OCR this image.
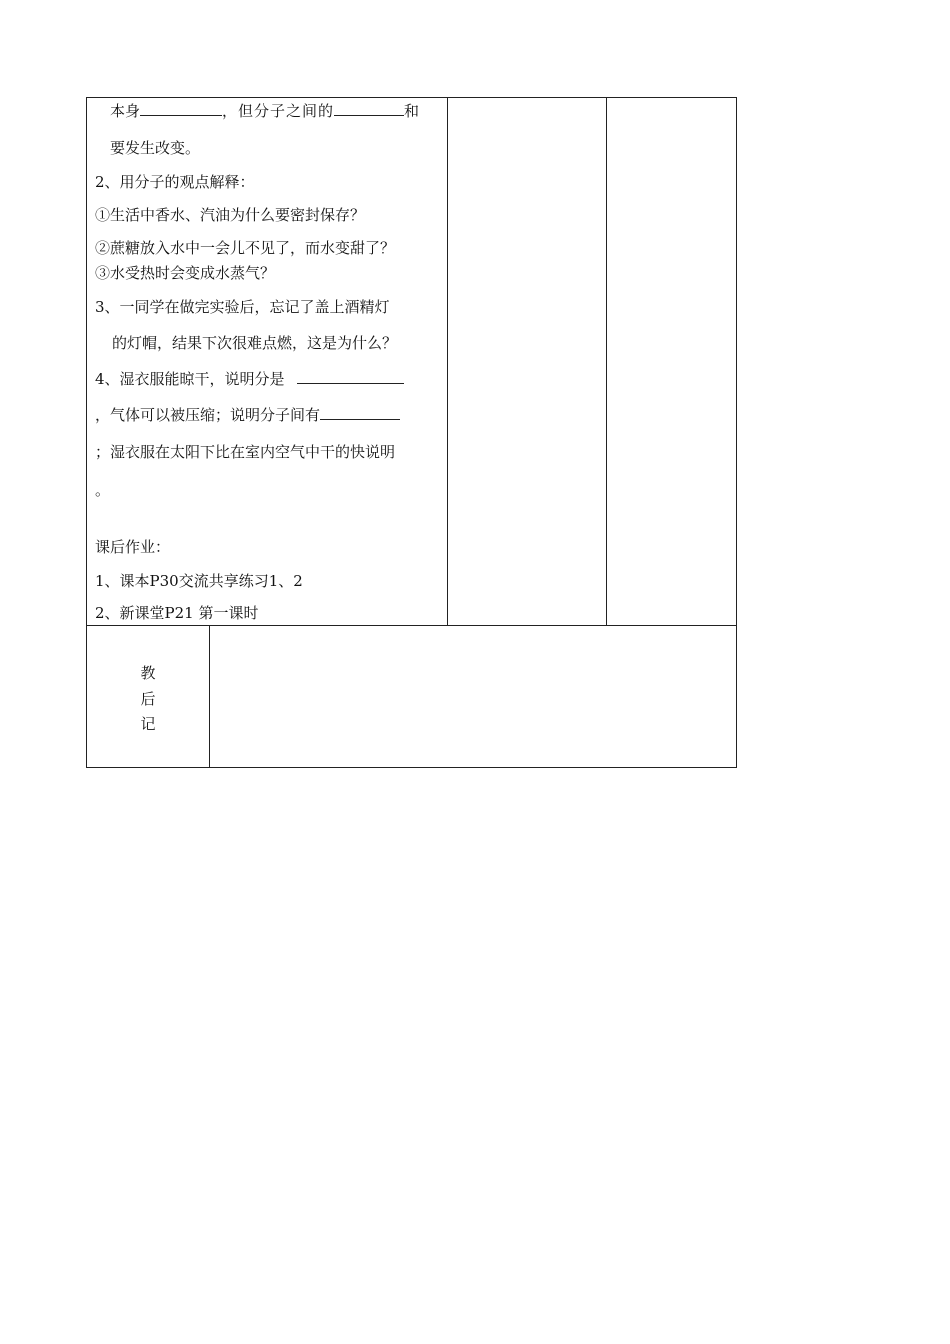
本身	，但分子之间的	和
要发生改变。
2、用分子的观点解释：
①生活中香水、汽油为什么要密封保存？
②蔗糖放入水中一会儿不见了，而水变甜了？
③水受热时会变成水蒸气？
3、一同学在做完实验后，忘记了盖上酒精灯
的灯帽，结果下次很难点燃，这是为什么？
4、湿衣服能晾干，说明分是
，气体可以被压缩；说明分子间有
；湿衣服在太阳下比在室内空气中干的快说明
。
课后作业：
1、课本P30交流共享练习1、2
2、新课堂P21 第一课时
教
后
记
